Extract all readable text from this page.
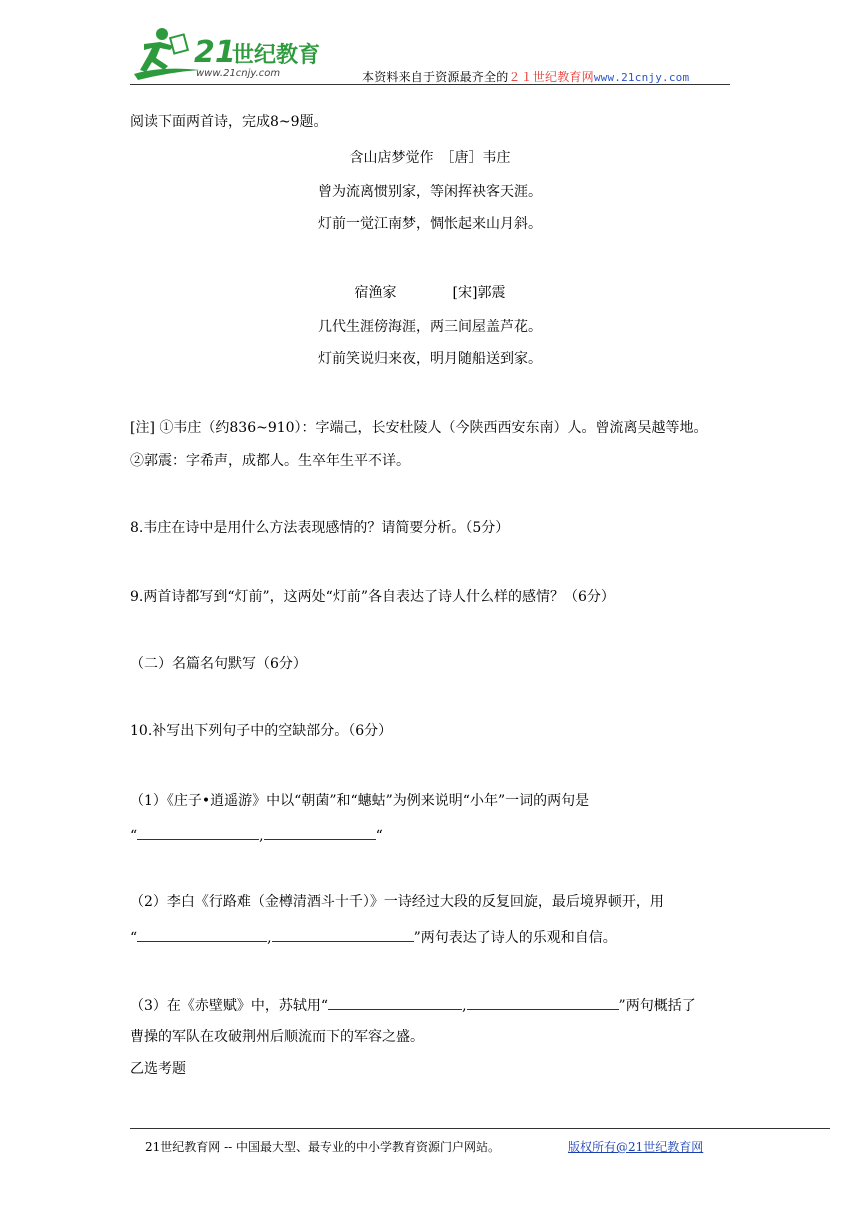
21
世纪教育
www.21cnjy.com	本资料来自于资源最齐全的２１世纪教育网www.21cnjy.com
阅读下面两首诗，完成8~9题。
含山店梦觉作　［唐］韦庄
曾为流离惯别家，等闲挥袂客天涯。
灯前一觉江南梦，惆怅起来山月斜。
宿渔家　　　　[宋]郭震
几代生涯傍海涯，两三间屋盖芦花。
灯前笑说归来夜，明月随船送到家。
[注] ①韦庄（约836~910）：字端己，长安杜陵人（今陕西西安东南）人。曾流离吴越等地。
②郭震：字希声，成都人。生卒年生平不详。
8.韦庄在诗中是用什么方法表现感情的？请简要分析。（5分）
9.两首诗都写到“灯前”，这两处“灯前”各自表达了诗人什么样的感情？（6分）
（二）名篇名句默写（6分）
10.补写出下列句子中的空缺部分。（6分）
（1）《庄子•逍遥游》中以“朝菌”和“蟪蛄”为例来说明“小年”一词的两句是
“	,	“
（2）李白《行路难（金樽清酒斗十千）》一诗经过大段的反复回旋，最后境界顿开，用
“	,	”两句表达了诗人的乐观和自信。
（3）在《赤壁赋》中，苏轼用“	,	”两句概括了
曹操的军队在攻破荆州后顺流而下的军容之盛。
乙选考题
21世纪教育网 -- 中国最大型、最专业的中小学教育资源门户网站。	版权所有@21世纪教育网
